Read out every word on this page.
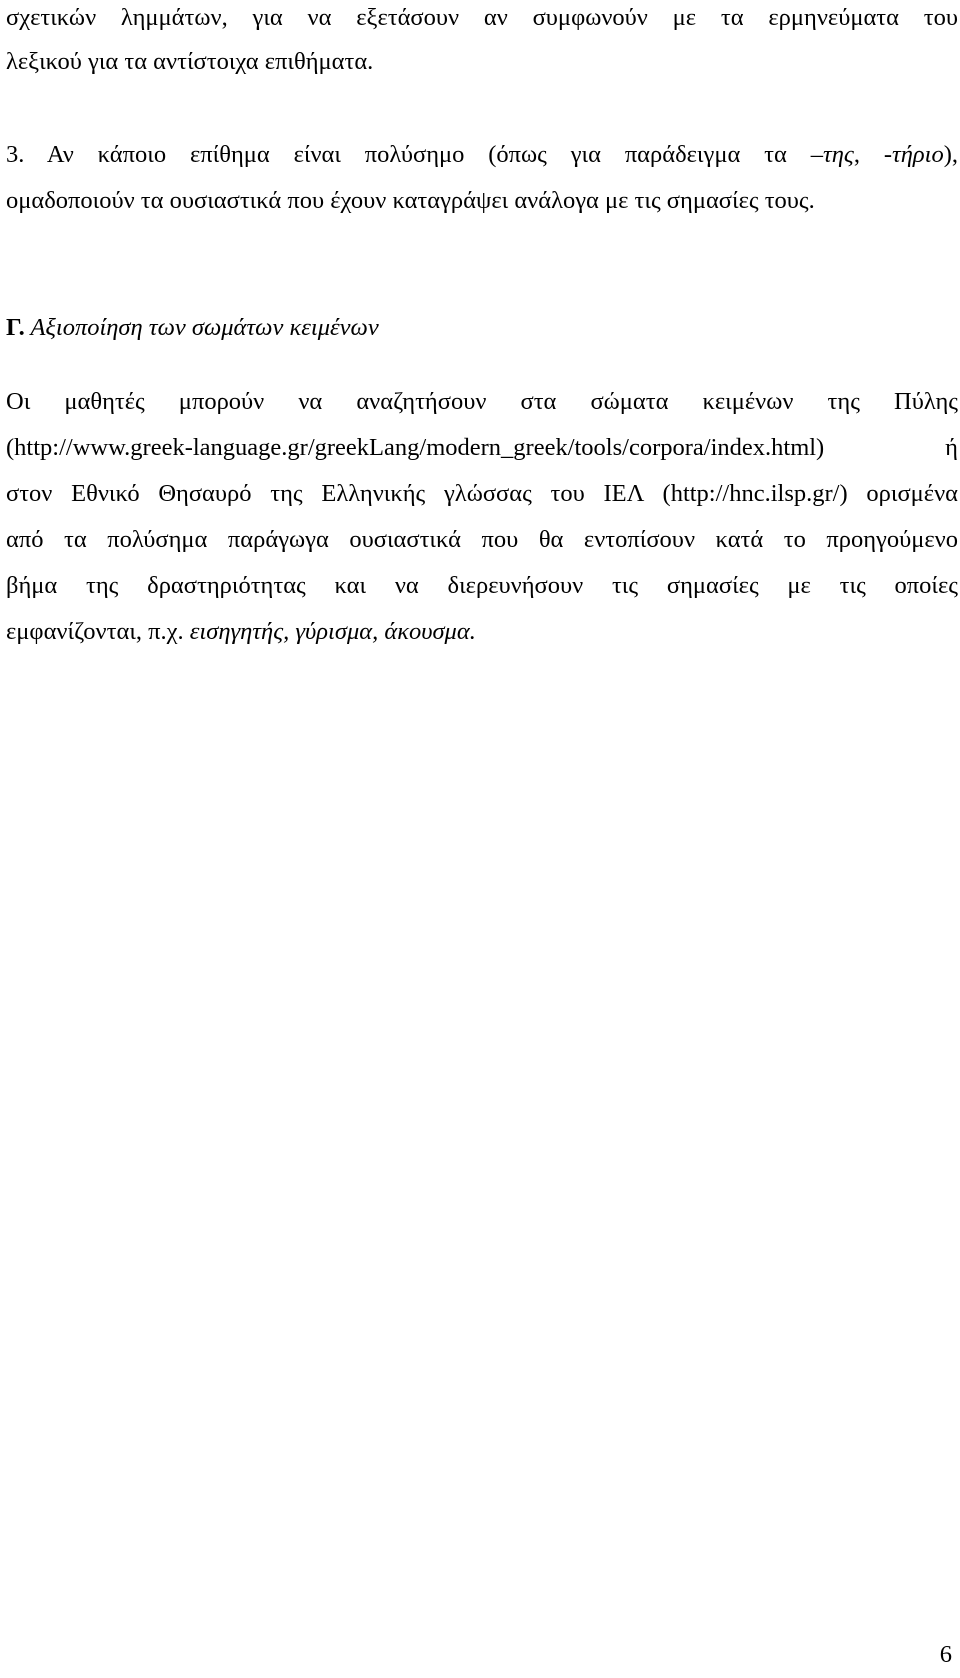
σχετικών λημμάτων, για να εξετάσουν αν συμφωνούν με τα ερμηνεύματα του
λεξικού για τα αντίστοιχα επιθήματα.
3. Αν κάποιο επίθημα είναι πολύσημο (όπως για παράδειγμα τα –της, -τήριο),
ομαδοποιούν τα ουσιαστικά που έχουν καταγράψει ανάλογα με τις σημασίες τους.
Γ. Αξιοποίηση των σωμάτων κειμένων
Οι μαθητές μπορούν να αναζητήσουν στα σώματα κειμένων της Πύλης
(http://www.greek-language.gr/greekLang/modern_greek/tools/corpora/index.html) ή
στον Εθνικό Θησαυρό της Ελληνικής γλώσσας του ΙΕΛ (http://hnc.ilsp.gr/) ορισμένα
από τα πολύσημα παράγωγα ουσιαστικά που θα εντοπίσουν κατά το προηγούμενο
βήμα της δραστηριότητας και να διερευνήσουν τις σημασίες με τις οποίες
εμφανίζονται, π.χ. εισηγητής, γύρισμα, άκουσμα.
6
